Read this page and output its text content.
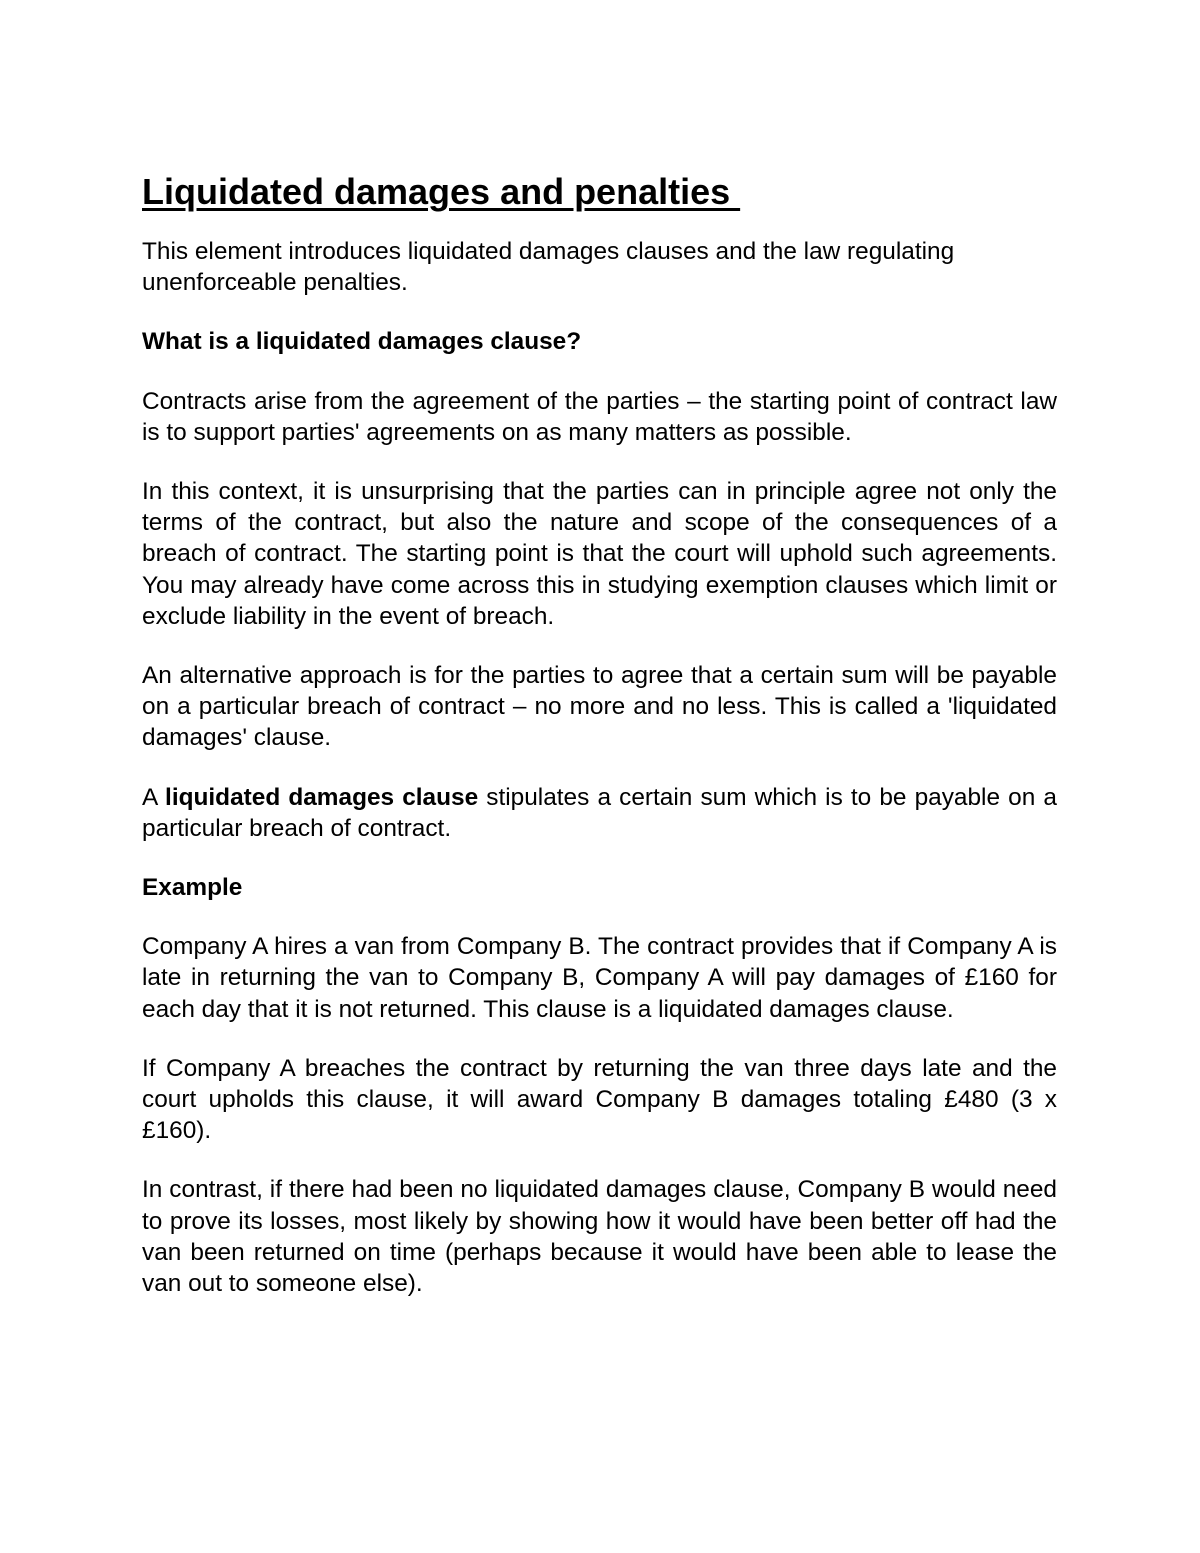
Liquidated damages and penalties

This element introduces liquidated damages clauses and the law regulating unenforceable penalties.

What is a liquidated damages clause?

Contracts arise from the agreement of the parties – the starting point of contract law is to support parties' agreements on as many matters as possible.

In this context, it is unsurprising that the parties can in principle agree not only the terms of the contract, but also the nature and scope of the consequences of a breach of contract. The starting point is that the court will uphold such agreements. You may already have come across this in studying exemption clauses which limit or exclude liability in the event of breach.

An alternative approach is for the parties to agree that a certain sum will be payable on a particular breach of contract – no more and no less. This is called a 'liquidated damages' clause.

A liquidated damages clause stipulates a certain sum which is to be payable on a particular breach of contract.

Example

Company A hires a van from Company B. The contract provides that if Company A is late in returning the van to Company B, Company A will pay damages of £160 for each day that it is not returned. This clause is a liquidated damages clause.

If Company A breaches the contract by returning the van three days late and the court upholds this clause, it will award Company B damages totaling £480 (3 x £160).

In contrast, if there had been no liquidated damages clause, Company B would need to prove its losses, most likely by showing how it would have been better off had the van been returned on time (perhaps because it would have been able to lease the van out to someone else).
